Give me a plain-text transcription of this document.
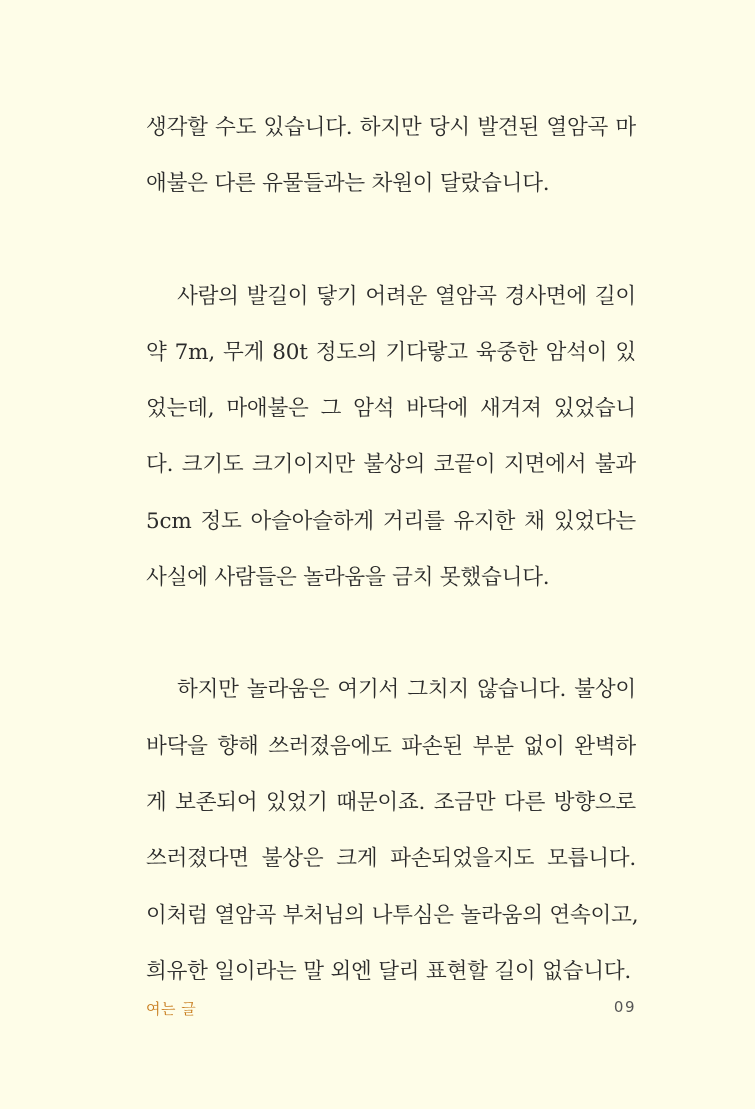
생각할 수도 있습니다. 하지만 당시 발견된 열암곡 마
애불은 다른 유물들과는 차원이 달랐습니다.
사람의 발길이 닿기 어려운 열암곡 경사면에 길이
약 7m, 무게 80t 정도의 기다랗고 육중한 암석이 있
었는데, 마애불은 그 암석 바닥에 새겨져 있었습니
다. 크기도 크기이지만 불상의 코끝이 지면에서 불과
5cm 정도 아슬아슬하게 거리를 유지한 채 있었다는
사실에 사람들은 놀라움을 금치 못했습니다.
하지만 놀라움은 여기서 그치지 않습니다. 불상이
바닥을 향해 쓰러졌음에도 파손된 부분 없이 완벽하
게 보존되어 있었기 때문이죠. 조금만 다른 방향으로
쓰러졌다면 불상은 크게 파손되었을지도 모릅니다.
이처럼 열암곡 부처님의 나투심은 놀라움의 연속이고,
희유한 일이라는 말 외엔 달리 표현할 길이 없습니다.
여는 글	09
